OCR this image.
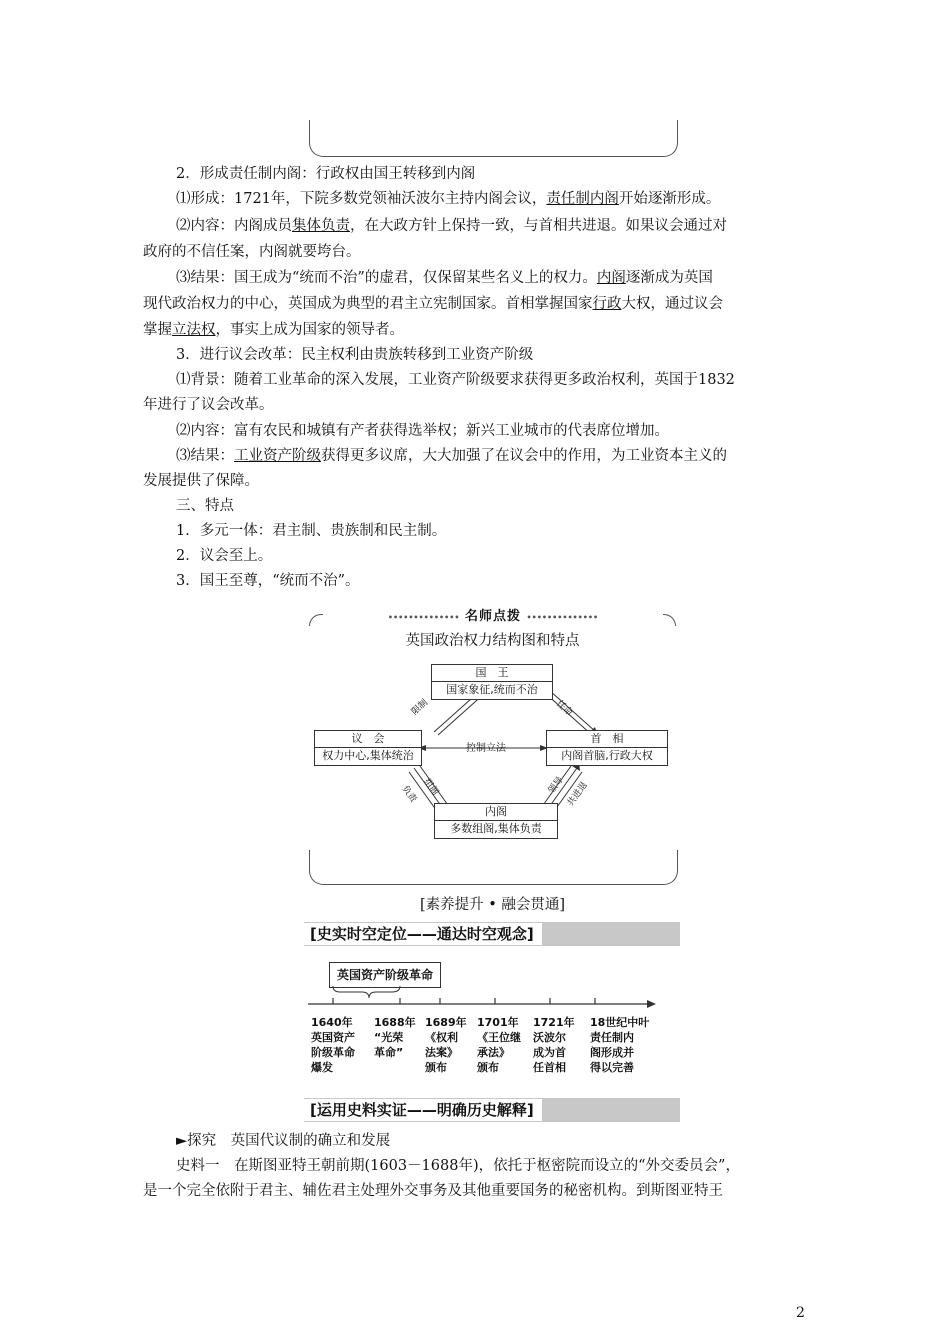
2．形成责任制内阁：行政权由国王转移到内阁
⑴形成：1721年，下院多数党领袖沃波尔主持内阁会议，责任制内阁开始逐渐形成。
⑵内容：内阁成员集体负责，在大政方针上保持一致，与首相共进退。如果议会通过对
政府的不信任案，内阁就要垮台。
⑶结果：国王成为“统而不治”的虚君，仅保留某些名义上的权力。内阁逐渐成为英国
现代政治权力的中心，英国成为典型的君主立宪制国家。首相掌握国家行政大权，通过议会
掌握立法权，事实上成为国家的领导者。
3．进行议会改革：民主权利由贵族转移到工业资产阶级
⑴背景：随着工业革命的深入发展，工业资产阶级要求获得更多政治权利，英国于1832
年进行了议会改革。
⑵内容：富有农民和城镇有产者获得选举权；新兴工业城市的代表席位增加。
⑶结果：工业资产阶级获得更多议席，大大加强了在议会中的作用，为工业资本主义的
发展提供了保障。
三、特点
1．多元一体：君主制、贵族制和民主制。
2．议会至上。
3．国王至尊，“统而不治”。
•••••••••••••• 名师点拨 ••••••••••••••
英国政治权力结构图和特点
国　王
国家象征,统而不治
议　会
权力中心,集体统治
首　相
内阁首脑,行政大权
内阁
多数组阁,集体负责
限制	任命
控制立法
组阁
负责	领导 共进退
[素养提升 • 融会贯通]
[史实时空定位——通达时空观念]
英国资产阶级革命
1640年
英国资产
阶级革命
爆发
1688年
“光荣
革命”
1689年
《权利
法案》
颁布
1701年
《王位继
承法》
颁布
1721年
沃波尔
成为首
任首相
18世纪中叶
责任制内
阁形成并
得以完善
[运用史料实证——明确历史解释]
►探究　英国代议制的确立和发展
史料一　在斯图亚特王朝前期(1603－1688年)，依托于枢密院而设立的“外交委员会”，
是一个完全依附于君主、辅佐君主处理外交事务及其他重要国务的秘密机构。到斯图亚特王
2
